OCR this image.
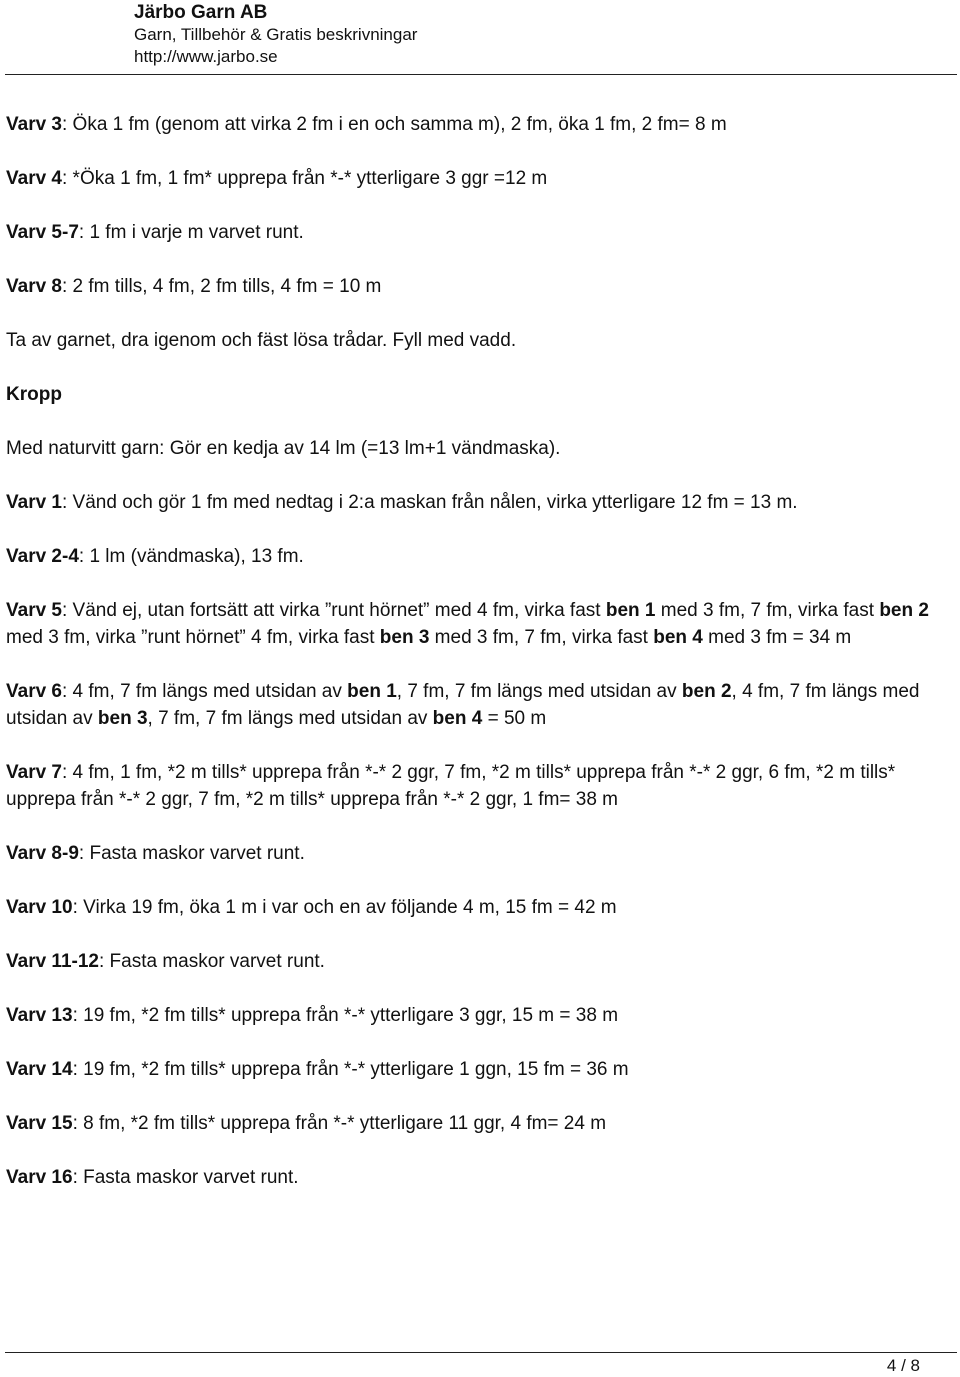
Järbo Garn AB
Garn, Tillbehör & Gratis beskrivningar
http://www.jarbo.se

Varv 3: Öka 1 fm (genom att virka 2 fm i en och samma m), 2 fm, öka 1 fm, 2 fm= 8 m

Varv 4: *Öka 1 fm, 1 fm* upprepa från *-* ytterligare 3 ggr =12 m

Varv 5-7: 1 fm i varje m varvet runt.

Varv 8: 2 fm tills, 4 fm, 2 fm tills, 4 fm = 10 m

Ta av garnet, dra igenom och fäst lösa trådar. Fyll med vadd.

Kropp

Med naturvitt garn: Gör en kedja av 14 lm (=13 lm+1 vändmaska).

Varv 1: Vänd och gör 1 fm med nedtag i 2:a maskan från nålen, virka ytterligare 12 fm = 13 m.

Varv 2-4: 1 lm (vändmaska), 13 fm.

Varv 5: Vänd ej, utan fortsätt att virka ”runt hörnet” med 4 fm, virka fast ben 1 med 3 fm, 7 fm, virka fast ben 2 med 3 fm, virka ”runt hörnet” 4 fm, virka fast ben 3 med 3 fm, 7 fm, virka fast ben 4 med 3 fm = 34 m

Varv 6: 4 fm, 7 fm längs med utsidan av ben 1, 7 fm, 7 fm längs med utsidan av ben 2, 4 fm, 7 fm längs med utsidan av ben 3, 7 fm, 7 fm längs med utsidan av ben 4 = 50 m

Varv 7: 4 fm, 1 fm, *2 m tills* upprepa från *-* 2 ggr, 7 fm, *2 m tills* upprepa från *-* 2 ggr, 6 fm, *2 m tills* upprepa från *-* 2 ggr, 7 fm, *2 m tills* upprepa från *-* 2 ggr, 1 fm= 38 m

Varv 8-9: Fasta maskor varvet runt.

Varv 10: Virka 19 fm, öka 1 m i var och en av följande 4 m, 15 fm = 42 m

Varv 11-12: Fasta maskor varvet runt.

Varv 13: 19 fm, *2 fm tills* upprepa från *-* ytterligare 3 ggr, 15 m = 38 m

Varv 14: 19 fm, *2 fm tills* upprepa från *-* ytterligare 1 ggn, 15 fm = 36 m

Varv 15: 8 fm, *2 fm tills* upprepa från *-* ytterligare 11 ggr, 4 fm= 24 m

Varv 16: Fasta maskor varvet runt.

4 / 8
